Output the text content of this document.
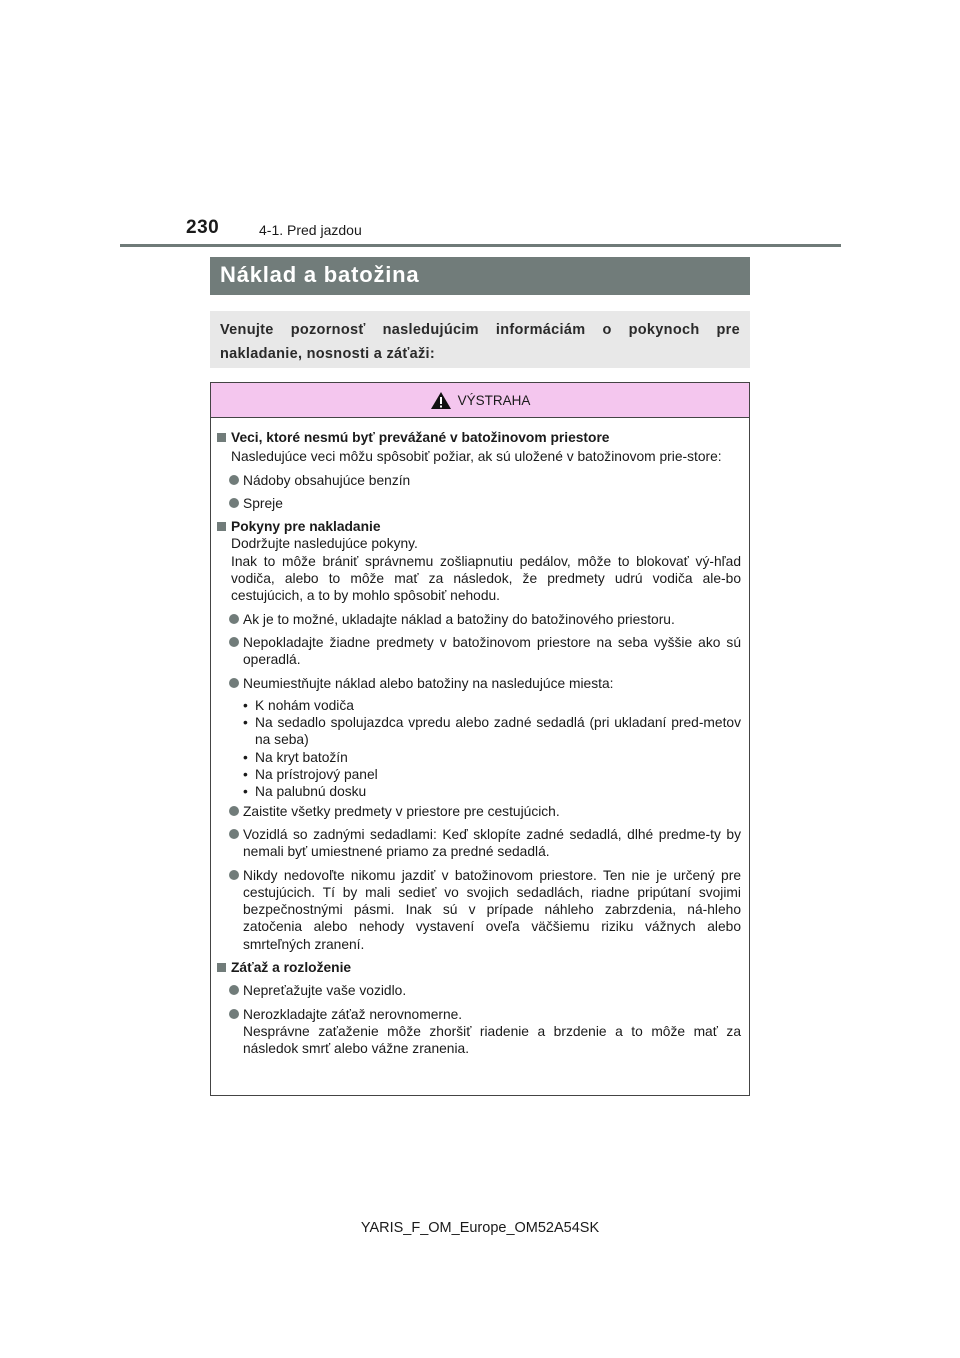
230	4-1. Pred jazdou
Náklad a batožina
Venujte pozornosť nasledujúcim informáciám o pokynoch pre nakladanie, nosnosti a záťaži:
VÝSTRAHA
Veci, ktoré nesmú byť prevážané v batožinovom priestore
Nasledujúce veci môžu spôsobiť požiar, ak sú uložené v batožinovom prie-store:
Nádoby obsahujúce benzín
Spreje
Pokyny pre nakladanie
Dodržujte nasledujúce pokyny.
Inak to môže brániť správnemu zošliapnutiu pedálov, môže to blokovať vý-hľad vodiča, alebo to môže mať za následok, že predmety udrú vodiča ale-bo cestujúcich, a to by mohlo spôsobiť nehodu.
Ak je to možné, ukladajte náklad a batožiny do batožinového priestoru.
Nepokladajte žiadne predmety v batožinovom priestore na seba vyššie ako sú operadlá.
Neumiestňujte náklad alebo batožiny na nasledujúce miesta:
• K nohám vodiča
• Na sedadlo spolujazdca vpredu alebo zadné sedadlá (pri ukladaní pred-metov na seba)
• Na kryt batožín
• Na prístrojový panel
• Na palubnú dosku
Zaistite všetky predmety v priestore pre cestujúcich.
Vozidlá so zadnými sedadlami: Keď sklopíte zadné sedadlá, dlhé predme-ty by nemali byť umiestnené priamo za predné sedadlá.
Nikdy nedovoľte nikomu jazdiť v batožinovom priestore. Ten nie je určený pre cestujúcich. Tí by mali sedieť vo svojich sedadlách, riadne pripútaní svojimi bezpečnostnými pásmi. Inak sú v prípade náhleho zabrzdenia, ná-hleho zatočenia alebo nehody vystavení oveľa väčšiemu riziku vážnych alebo smrteľných zranení.
Záťaž a rozloženie
Nepreťažujte vaše vozidlo.
Nerozkladajte záťaž nerovnomerne.
Nesprávne zaťaženie môže zhoršiť riadenie a brzdenie a to môže mať za následok smrť alebo vážne zranenia.
YARIS_F_OM_Europe_OM52A54SK
